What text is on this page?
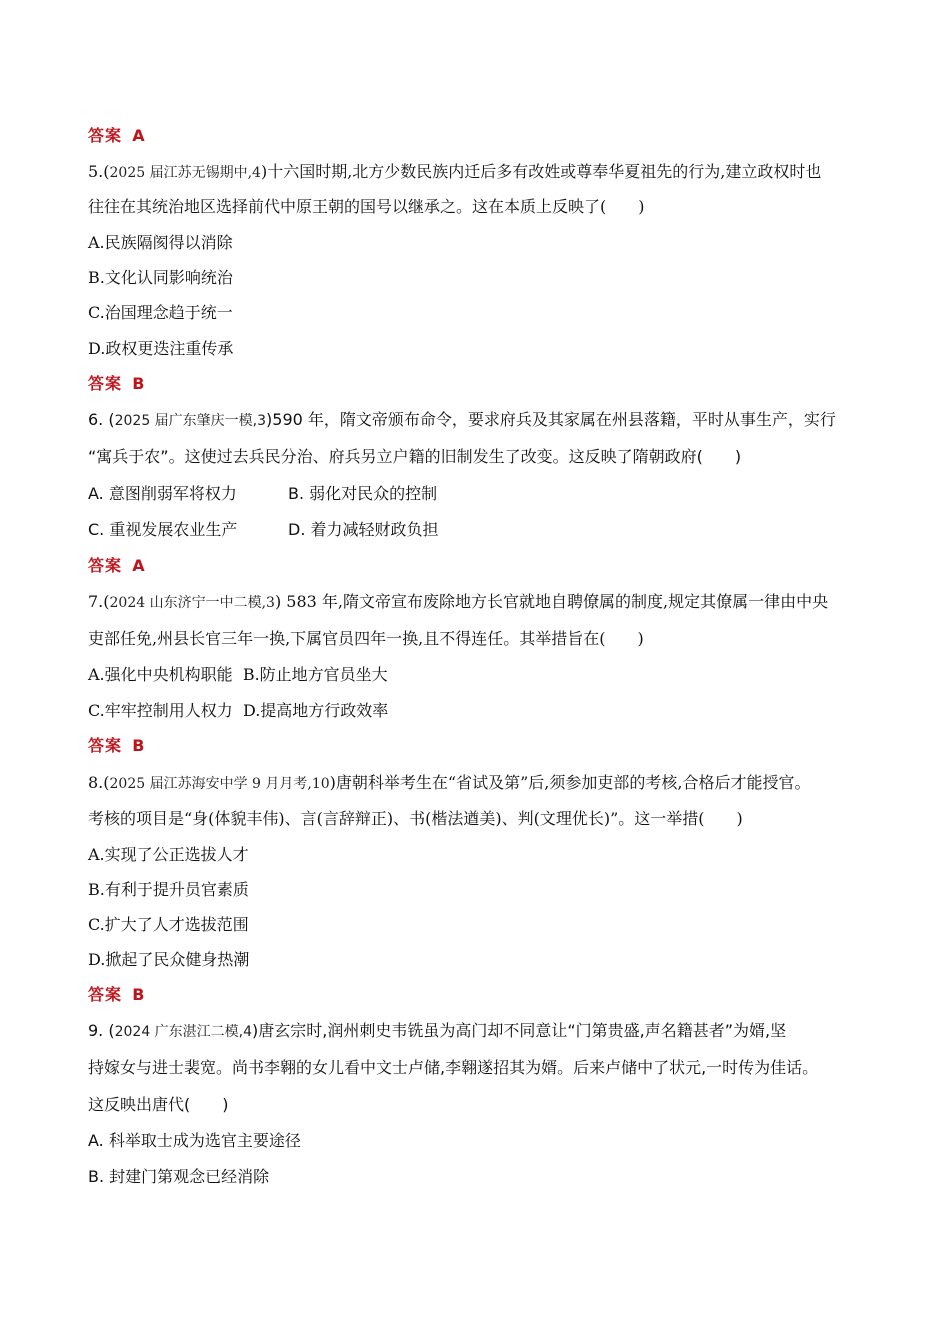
答案 A
5.(2025 届江苏无锡期中,4)十六国时期,北方少数民族内迁后多有改姓或尊奉华夏祖先的行为,建立政权时也
往往在其统治地区选择前代中原王朝的国号以继承之。这在本质上反映了(　　)
A.民族隔阂得以消除
B.文化认同影响统治
C.治国理念趋于统一
D.政权更迭注重传承
答案 B
6. (2025 届广东肇庆一模,3)590 年，隋文帝颁布命令，要求府兵及其家属在州县落籍，平时从事生产，实行
“寓兵于农”。这使过去兵民分治、府兵另立户籍的旧制发生了改变。这反映了隋朝政府(　　)
A. 意图削弱军将权力	B. 弱化对民众的控制
C. 重视发展农业生产	D. 着力减轻财政负担
答案 A
7.(2024 山东济宁一中二模,3) 583 年,隋文帝宣布废除地方长官就地自聘僚属的制度,规定其僚属一律由中央
吏部任免,州县长官三年一换,下属官员四年一换,且不得连任。其举措旨在(　　)
A.强化中央机构职能 B.防止地方官员坐大
C.牢牢控制用人权力 D.提高地方行政效率
答案 B
8.(2025 届江苏海安中学 9 月月考,10)唐朝科举考生在“省试及第”后,须参加吏部的考核,合格后才能授官。
考核的项目是“身(体貌丰伟)、言(言辞辩正)、书(楷法遒美)、判(文理优长)”。这一举措(　　)
A.实现了公正选拔人才
B.有利于提升员官素质
C.扩大了人才选拔范围
D.掀起了民众健身热潮
答案 B
9. (2024 广东湛江二模,4)唐玄宗时,润州刺史韦铣虽为高门却不同意让“门第贵盛,声名籍甚者”为婿,坚
持嫁女与进士裴宽。尚书李翱的女儿看中文士卢储,李翱遂招其为婿。后来卢储中了状元,一时传为佳话。
这反映出唐代(　　)
A. 科举取士成为选官主要途径
B. 封建门第观念已经消除
